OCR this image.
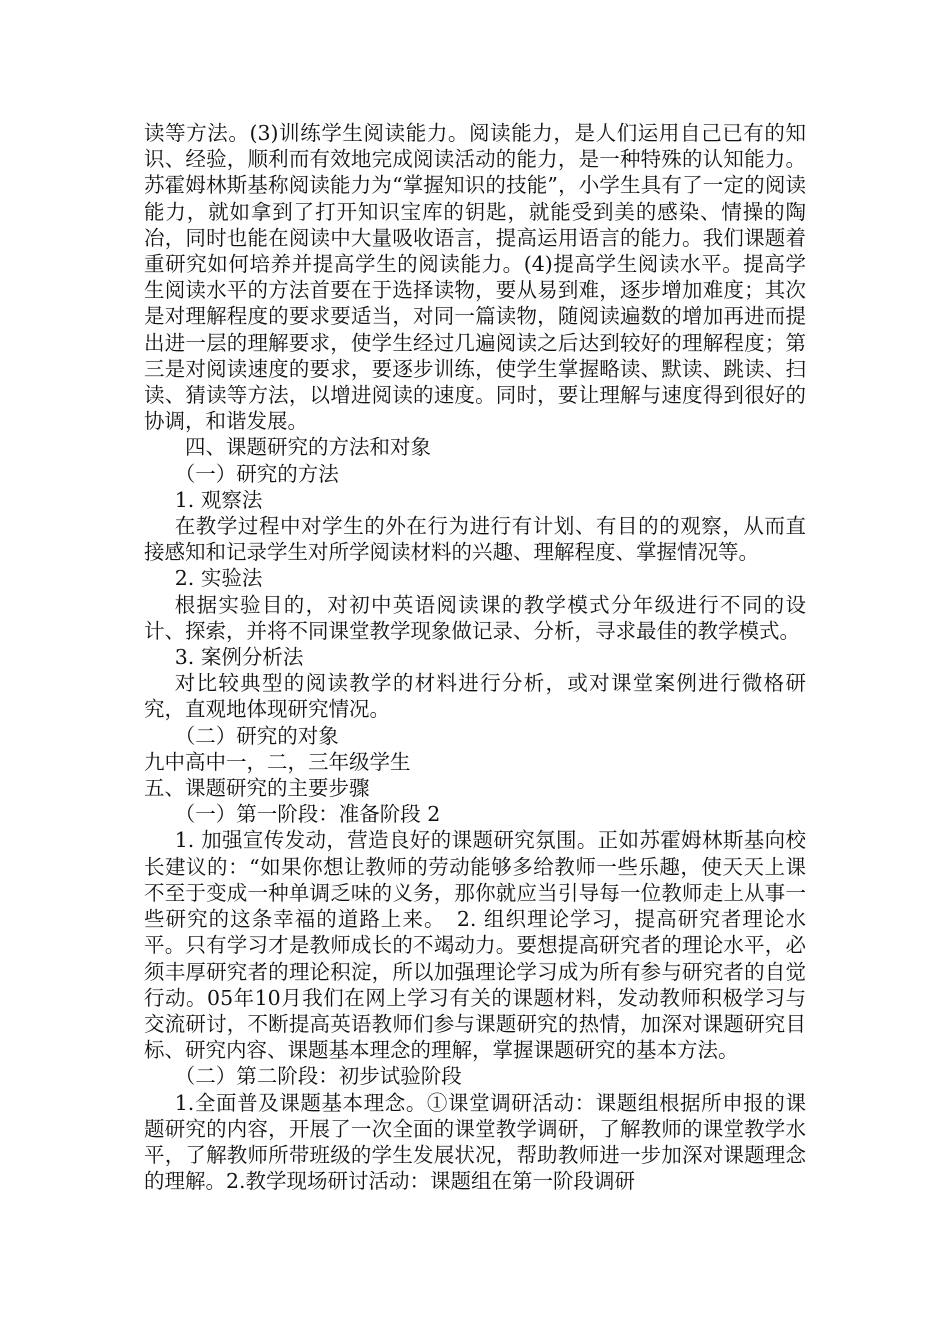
读等方法。(3)训练学生阅读能力。阅读能力，是人们运用自己已有的知识、经验，顺利而有效地完成阅读活动的能力，是一种特殊的认知能力。苏霍姆林斯基称阅读能力为“掌握知识的技能”，小学生具有了一定的阅读能力，就如拿到了打开知识宝库的钥匙，就能受到美的感染、情操的陶冶，同时也能在阅读中大量吸收语言，提高运用语言的能力。我们课题着重研究如何培养并提高学生的阅读能力。(4)提高学生阅读水平。提高学生阅读水平的方法首要在于选择读物，要从易到难，逐步增加难度；其次是对理解程度的要求要适当，对同一篇读物，随阅读遍数的增加再进而提出进一层的理解要求，使学生经过几遍阅读之后达到较好的理解程度；第三是对阅读速度的要求，要逐步训练，使学生掌握略读、默读、跳读、扫读、猜读等方法，以增进阅读的速度。同时，要让理解与速度得到很好的协调，和谐发展。

四、课题研究的方法和对象

（一）研究的方法

1. 观察法

在教学过程中对学生的外在行为进行有计划、有目的的观察，从而直接感知和记录学生对所学阅读材料的兴趣、理解程度、掌握情况等。

2. 实验法

根据实验目的，对初中英语阅读课的教学模式分年级进行不同的设计、探索，并将不同课堂教学现象做记录、分析，寻求最佳的教学模式。

3. 案例分析法

对比较典型的阅读教学的材料进行分析，或对课堂案例进行微格研究，直观地体现研究情况。

（二）研究的对象

九中高中一，二，三年级学生

五、课题研究的主要步骤

（一）第一阶段：准备阶段 2

1. 加强宣传发动，营造良好的课题研究氛围。正如苏霍姆林斯基向校长建议的：“如果你想让教师的劳动能够多给教师一些乐趣，使天天上课不至于变成一种单调乏味的义务，那你就应当引导每一位教师走上从事一些研究的这条幸福的道路上来。　2. 组织理论学习，提高研究者理论水平。只有学习才是教师成长的不竭动力。要想提高研究者的理论水平，必须丰厚研究者的理论积淀，所以加强理论学习成为所有参与研究者的自觉行动。05年10月我们在网上学习有关的课题材料，发动教师积极学习与交流研讨，不断提高英语教师们参与课题研究的热情，加深对课题研究目标、研究内容、课题基本理念的理解，掌握课题研究的基本方法。

（二）第二阶段：初步试验阶段

1.全面普及课题基本理念。①课堂调研活动：课题组根据所申报的课题研究的内容，开展了一次全面的课堂教学调研，了解教师的课堂教学水平，了解教师所带班级的学生发展状况，帮助教师进一步加深对课题理念的理解。2.教学现场研讨活动：课题组在第一阶段调研
